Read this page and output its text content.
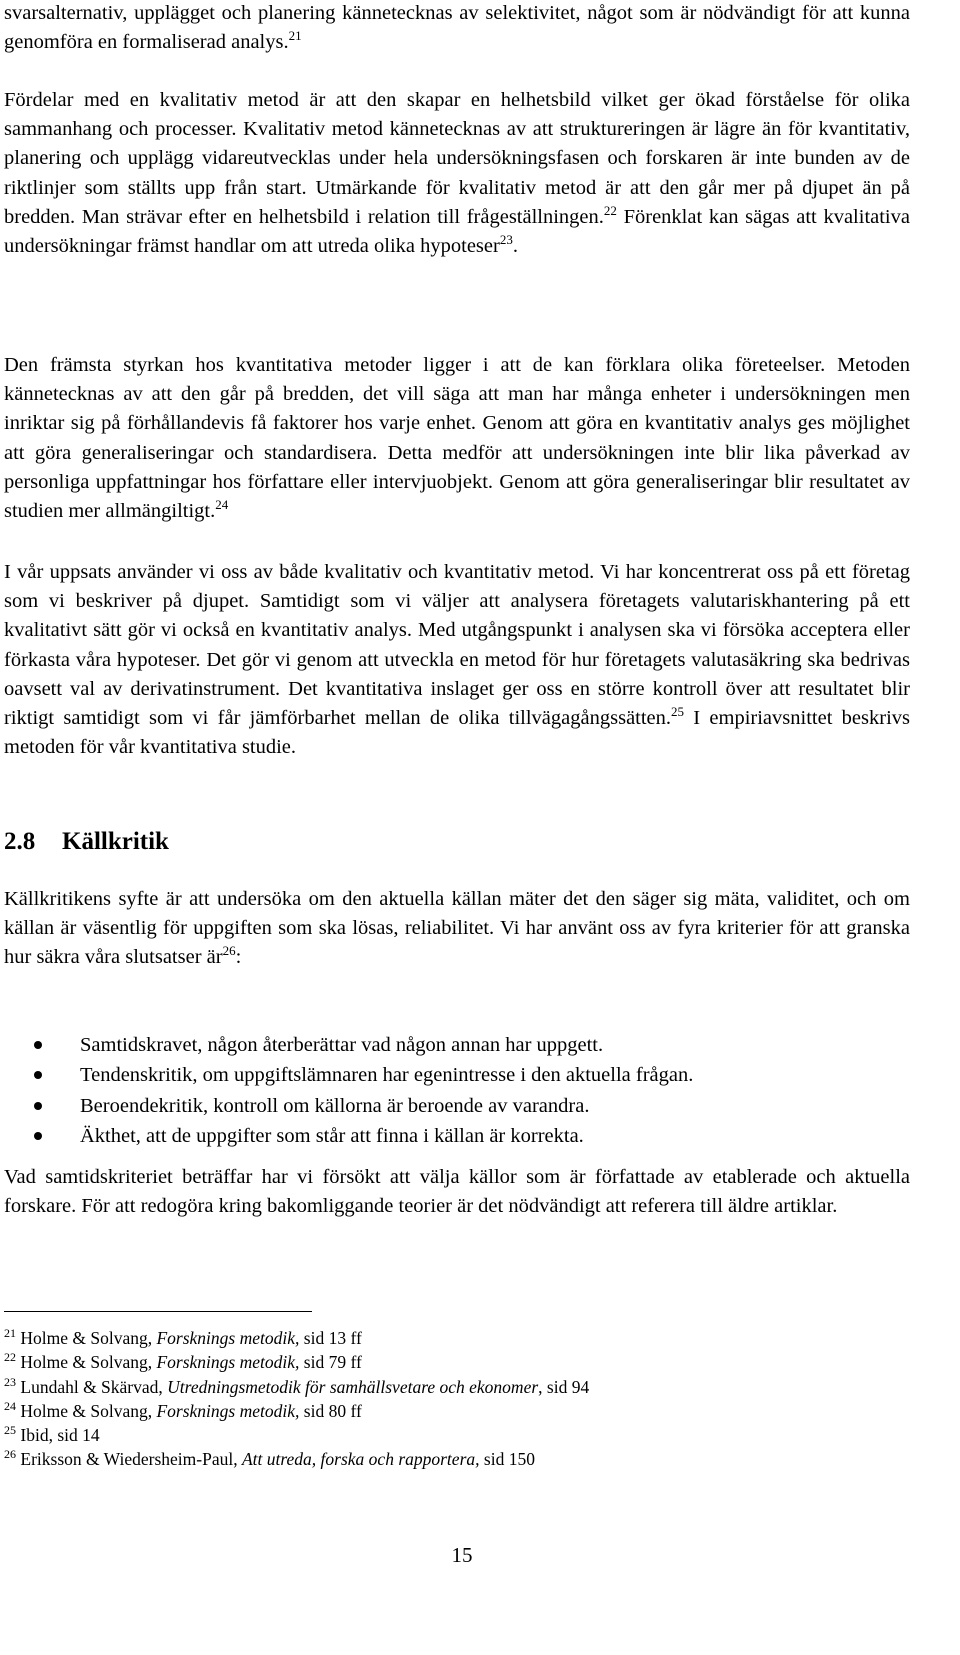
svarsalternativ, upplägget och planering kännetecknas av selektivitet, något som är nödvändigt för att kunna genomföra en formaliserad analys.$^{21}$

Fördelar med en kvalitativ metod är att den skapar en helhetsbild vilket ger ökad förståelse för olika sammanhang och processer. Kvalitativ metod kännetecknas av att struktureringen är lägre än för kvantitativ, planering och upplägg vidareutvecklas under hela undersökningsfasen och forskaren är inte bunden av de riktlinjer som ställts upp från start. Utmärkande för kvalitativ metod är att den går mer på djupet än på bredden. Man strävar efter en helhetsbild i relation till frågeställningen.$^{22}$ Förenklat kan sägas att kvalitativa undersökningar främst handlar om att utreda olika hypoteser$^{23}$.

Den främsta styrkan hos kvantitativa metoder ligger i att de kan förklara olika företeelser. Metoden kännetecknas av att den går på bredden, det vill säga att man har många enheter i undersökningen men inriktar sig på förhållandevis få faktorer hos varje enhet. Genom att göra en kvantitativ analys ges möjlighet att göra generaliseringar och standardisera. Detta medför att undersökningen inte blir lika påverkad av personliga uppfattningar hos författare eller intervjuobjekt. Genom att göra generaliseringar blir resultatet av studien mer allmängiltigt.$^{24}$

I vår uppsats använder vi oss av både kvalitativ och kvantitativ metod. Vi har koncentrerat oss på ett företag som vi beskriver på djupet. Samtidigt som vi väljer att analysera företagets valutariskhantering på ett kvalitativt sätt gör vi också en kvantitativ analys. Med utgångspunkt i analysen ska vi försöka acceptera eller förkasta våra hypoteser. Det gör vi genom att utveckla en metod för hur företagets valutasäkring ska bedrivas oavsett val av derivatinstrument. Det kvantitativa inslaget ger oss en större kontroll över att resultatet blir riktigt samtidigt som vi får jämförbarhet mellan de olika tillvägagångssätten.$^{25}$ I empiriavsnittet beskrivs metoden för vår kvantitativa studie.

2.8 Källkritik

Källkritikens syfte är att undersöka om den aktuella källan mäter det den säger sig mäta, validitet, och om källan är väsentlig för uppgiften som ska lösas, reliabilitet. Vi har använt oss av fyra kriterier för att granska hur säkra våra slutsatser $är^{26}$:

Samtidskravet, någon återberättar vad någon annan har uppgett.
Tendenskritik, om uppgiftslämnaren har egenintresse i den aktuella frågan.
Beroendekritik, kontroll om källorna är beroende av varandra.
Äkthet, att de uppgifter som står att finna i källan är korrekta.

Vad samtidskriteriet beträffar har vi försökt att välja källor som är författade av etablerade och aktuella forskare. För att redogöra kring bakomliggande teorier är det nödvändigt att referera till äldre artiklar.

$^{21}$ Holme & Solvang, Forsknings metodik, sid 13 ff
$^{22}$ Holme & Solvang, Forsknings metodik, sid 79 ff
$^{23}$ Lundahl & Skärvad, Utredningsmetodik för samhällsvetare och ekonomer, sid 94
$^{24}$ Holme & Solvang, Forsknings metodik, sid 80 ff
$^{25}$ Ibid, sid 14
$^{26}$ Eriksson & Wiedersheim-Paul, Att utreda, forska och rapportera, sid 150
15
